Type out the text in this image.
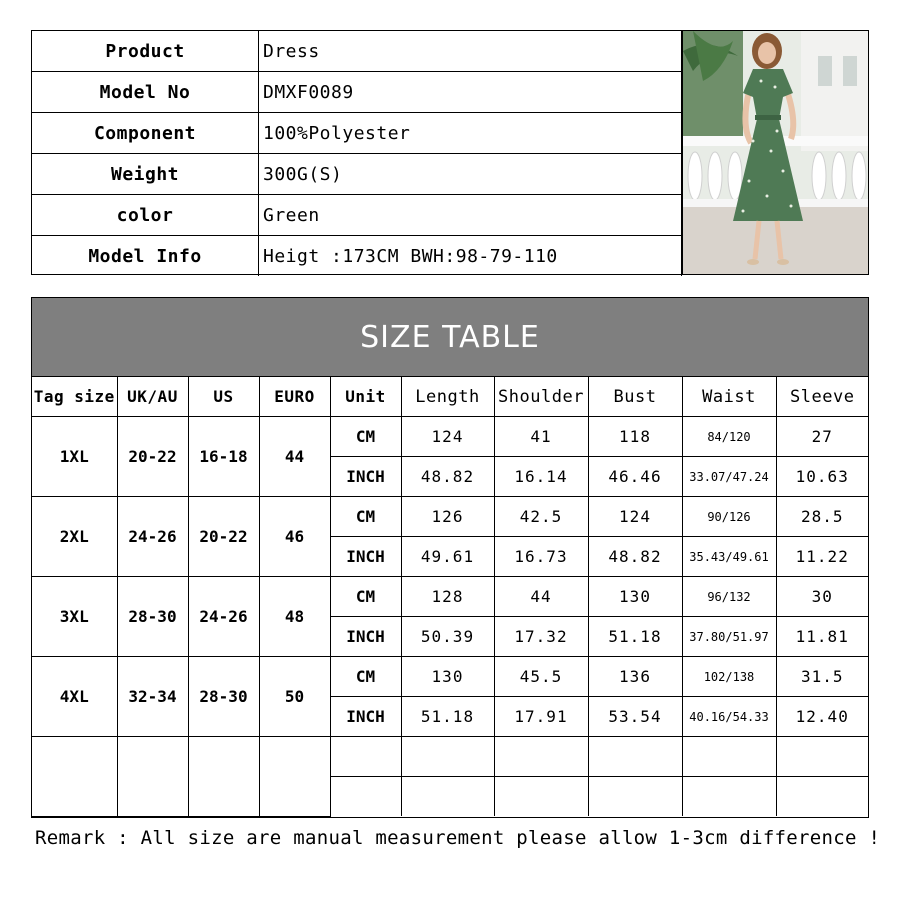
Product	Dress
Model No	DMXF0089
Component	100%Polyester
Weight	300G(S)
color	Green
Model Info	Heigt :173CM BWH:98-79-110
SIZE TABLE
Tag size	UK/AU	US	EURO	Unit	Length	Shoulder	Bust	Waist	Sleeve
1XL	20-22	16-18	44	CM	124	41	118	84/120	27
				INCH	48.82	16.14	46.46	33.07/47.24	10.63
2XL	24-26	20-22	46	CM	126	42.5	124	90/126	28.5
				INCH	49.61	16.73	48.82	35.43/49.61	11.22
3XL	28-30	24-26	48	CM	128	44	130	96/132	30
				INCH	50.39	17.32	51.18	37.80/51.97	11.81
4XL	32-34	28-30	50	CM	130	45.5	136	102/138	31.5
				INCH	51.18	17.91	53.54	40.16/54.33	12.40

Remark : All size are manual measurement please allow 1-3cm difference !
